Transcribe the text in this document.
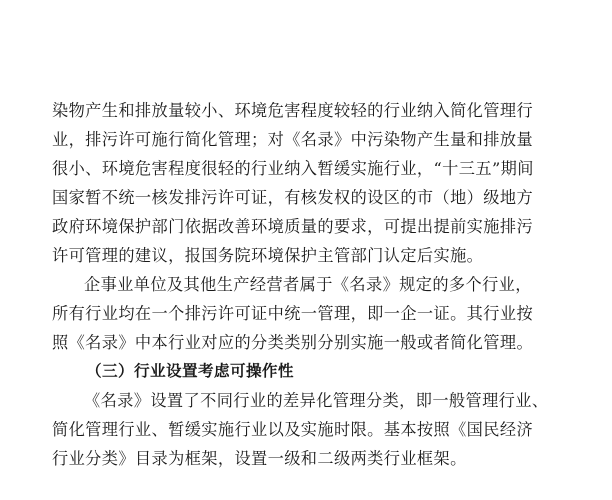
染物产生和排放量较小、环境危害程度较轻的行业纳入简化管理行
业，排污许可施行简化管理；对《名录》中污染物产生量和排放量
很小、环境危害程度很轻的行业纳入暂缓实施行业，“十三五”期间
国家暂不统一核发排污许可证，有核发权的设区的市（地）级地方
政府环境保护部门依据改善环境质量的要求，可提出提前实施排污
许可管理的建议，报国务院环境保护主管部门认定后实施。
企事业单位及其他生产经营者属于《名录》规定的多个行业，
所有行业均在一个排污许可证中统一管理，即一企一证。其行业按
照《名录》中本行业对应的分类类别分别实施一般或者简化管理。
（三）行业设置考虑可操作性
《名录》设置了不同行业的差异化管理分类，即一般管理行业、
简化管理行业、暂缓实施行业以及实施时限。基本按照《国民经济
行业分类》目录为框架，设置一级和二级两类行业框架。
